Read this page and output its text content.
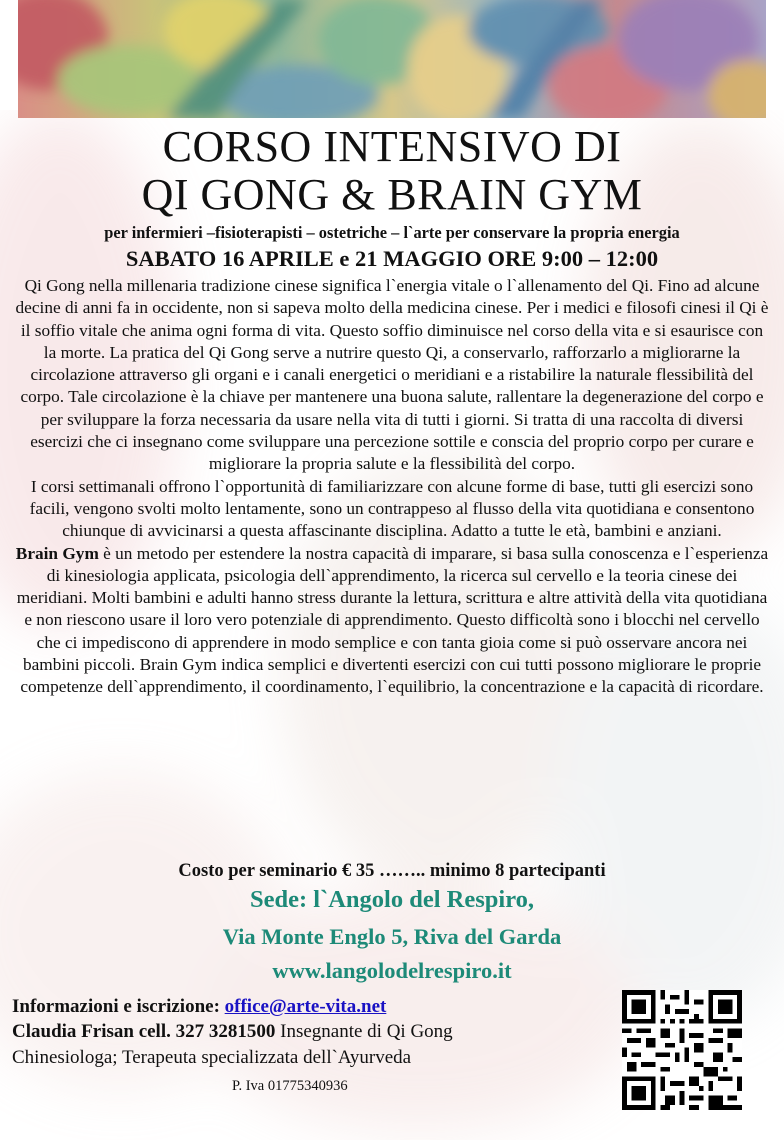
CORSO INTENSIVO DI
QI GONG & BRAIN GYM

per infermieri –fisioterapisti – ostetriche – l`arte per conservare la propria energia

SABATO 16 APRILE e 21 MAGGIO ORE 9:00 – 12:00

Qi Gong nella millenaria tradizione cinese significa l`energia vitale o l`allenamento del Qi. Fino ad alcune decine di anni fa in occidente, non si sapeva molto della medicina cinese. Per i medici e filosofi cinesi il Qi è il soffio vitale che anima ogni forma di vita. Questo soffio diminuisce nel corso della vita e si esaurisce con la morte. La pratica del Qi Gong serve a nutrire questo Qi, a conservarlo, rafforzarlo a migliorarne la circolazione attraverso gli organi e i canali energetici o meridiani e a ristabilire la naturale flessibilità del corpo. Tale circolazione è la chiave per mantenere una buona salute, rallentare la degenerazione del corpo e per sviluppare la forza necessaria da usare nella vita di tutti i giorni. Si tratta di una raccolta di diversi esercizi che ci insegnano come sviluppare una percezione sottile e conscia del proprio corpo per curare e migliorare la propria salute e la flessibilità del corpo.

I corsi settimanali offrono l`opportunità di familiarizzare con alcune forme di base, tutti gli esercizi sono facili, vengono svolti molto lentamente, sono un contrappeso al flusso della vita quotidiana e consentono chiunque di avvicinarsi a questa affascinante disciplina. Adatto a tutte le età, bambini e anziani.

Brain Gym è un metodo per estendere la nostra capacità di imparare, si basa sulla conoscenza e l`esperienza di kinesiologia applicata, psicologia dell`apprendimento, la ricerca sul cervello e la teoria cinese dei meridiani. Molti bambini e adulti hanno stress durante la lettura, scrittura e altre attività della vita quotidiana e non riescono usare il loro vero potenziale di apprendimento. Questo difficoltà sono i blocchi nel cervello che ci impediscono di apprendere in modo semplice e con tanta gioia come si può osservare ancora nei bambini piccoli. Brain Gym indica semplici e divertenti esercizi con cui tutti possono migliorare le proprie competenze dell`apprendimento, il coordinamento, l`equilibrio, la concentrazione e la capacità di ricordare.

Costo per seminario € 35 …….. minimo 8 partecipanti

Sede: l`Angolo del Respiro,

Via Monte Englo 5, Riva del Garda

www.langolodelrespiro.it

Informazioni e iscrizione: office@arte-vita.net

Claudia Frisan cell. 327 3281500 Insegnante di Qi Gong

Chinesiologa; Terapeuta specializzata dell`Ayurveda

P. Iva 01775340936
